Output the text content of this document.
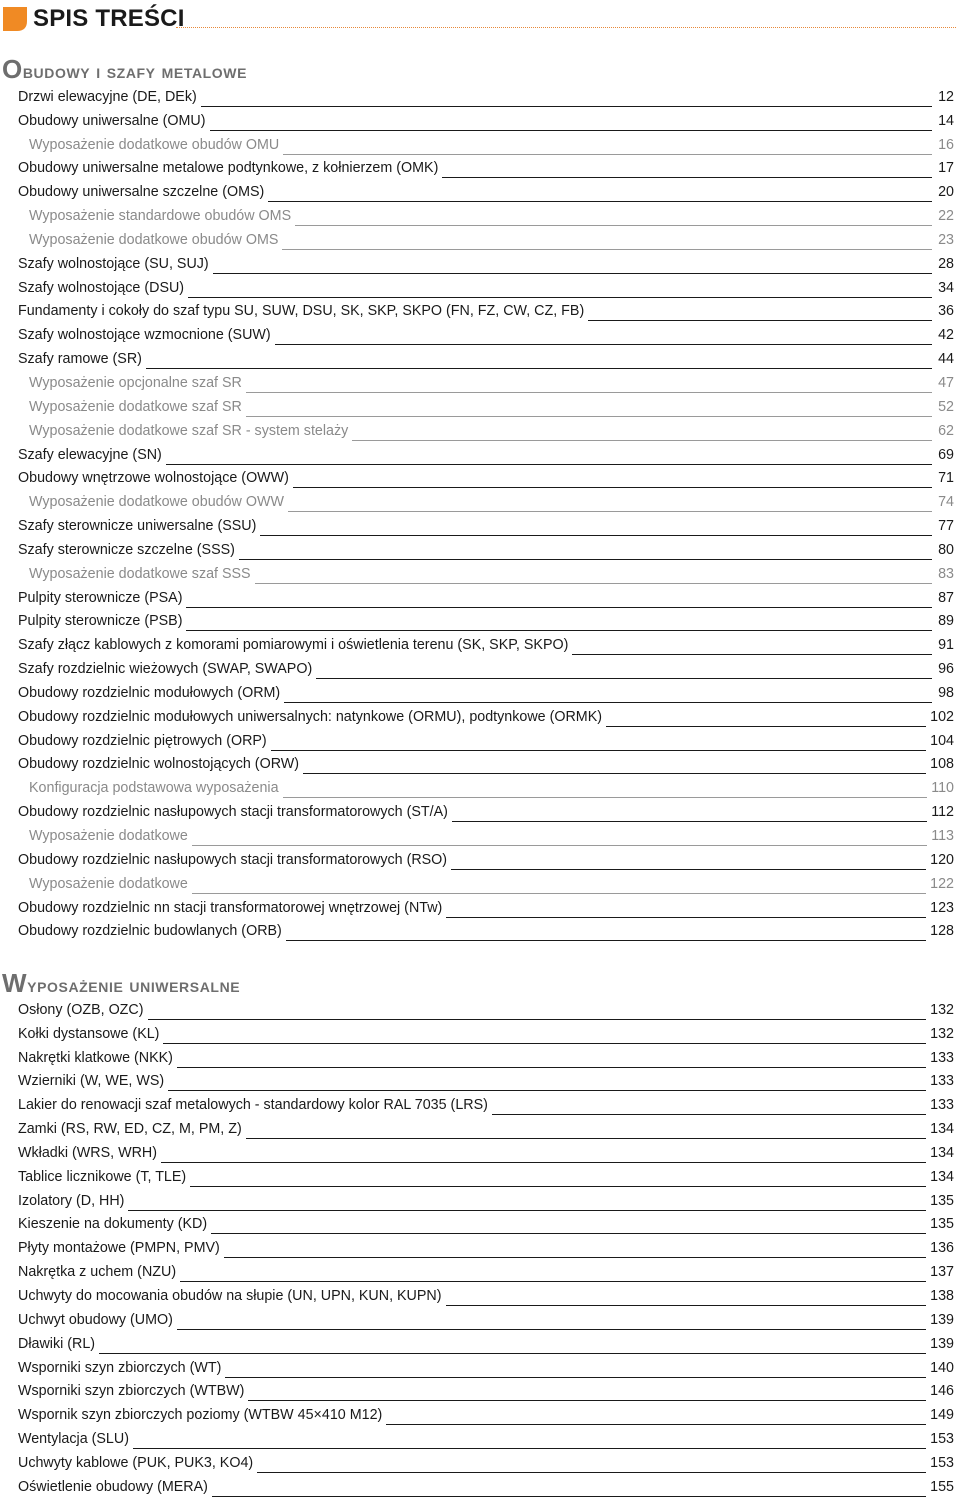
SPIS TREŚCI
Obudowy i szafy metalowe
Drzwi elewacyjne (DE, DEk)	12
Obudowy uniwersalne (OMU)	14
Wyposażenie dodatkowe obudów OMU	16
Obudowy uniwersalne metalowe podtynkowe, z kołnierzem (OMK)	17
Obudowy uniwersalne szczelne (OMS)	20
Wyposażenie standardowe obudów OMS	22
Wyposażenie dodatkowe obudów OMS	23
Szafy wolnostojące (SU, SUJ)	28
Szafy wolnostojące (DSU)	34
Fundamenty i cokoły do szaf typu SU, SUW, DSU, SK, SKP, SKPO (FN, FZ, CW, CZ, FB)	36
Szafy wolnostojące wzmocnione (SUW)	42
Szafy ramowe (SR)	44
Wyposażenie opcjonalne szaf SR	47
Wyposażenie dodatkowe szaf SR	52
Wyposażenie dodatkowe szaf SR - system stelaży	62
Szafy elewacyjne (SN)	69
Obudowy wnętrzowe wolnostojące (OWW)	71
Wyposażenie dodatkowe obudów OWW	74
Szafy sterownicze uniwersalne (SSU)	77
Szafy sterownicze szczelne (SSS)	80
Wyposażenie dodatkowe szaf SSS	83
Pulpity sterownicze (PSA)	87
Pulpity sterownicze (PSB)	89
Szafy złącz kablowych z komorami pomiarowymi i oświetlenia terenu (SK, SKP, SKPO)	91
Szafy rozdzielnic wieżowych (SWAP, SWAPO)	96
Obudowy rozdzielnic modułowych (ORM)	98
Obudowy rozdzielnic modułowych uniwersalnych: natynkowe (ORMU), podtynkowe (ORMK)	102
Obudowy rozdzielnic piętrowych (ORP)	104
Obudowy rozdzielnic wolnostojących (ORW)	108
Konfiguracja podstawowa wyposażenia	110
Obudowy rozdzielnic nasłupowych stacji transformatorowych (ST/A)	112
Wyposażenie dodatkowe	113
Obudowy rozdzielnic nasłupowych stacji transformatorowych (RSO)	120
Wyposażenie dodatkowe	122
Obudowy rozdzielnic nn stacji transformatorowej wnętrzowej (NTw)	123
Obudowy rozdzielnic budowlanych (ORB)	128
Wyposażenie uniwersalne
Osłony (OZB, OZC)	132
Kołki dystansowe (KL)	132
Nakrętki klatkowe (NKK)	133
Wzierniki (W, WE, WS)	133
Lakier do renowacji szaf metalowych - standardowy kolor RAL 7035 (LRS)	133
Zamki (RS, RW, ED, CZ, M, PM, Z)	134
Wkładki (WRS, WRH)	134
Tablice licznikowe (T, TLE)	134
Izolatory (D, HH)	135
Kieszenie na dokumenty (KD)	135
Płyty montażowe (PMPN, PMV)	136
Nakrętka z uchem (NZU)	137
Uchwyty do mocowania obudów na słupie (UN, UPN, KUN, KUPN)	138
Uchwyt obudowy (UMO)	139
Dławiki (RL)	139
Wsporniki szyn zbiorczych (WT)	140
Wsporniki szyn zbiorczych (WTBW)	146
Wspornik szyn zbiorczych poziomy (WTBW 45×410 M12)	149
Wentylacja (SLU)	153
Uchwyty kablowe (PUK, PUK3, KO4)	153
Oświetlenie obudowy (MERA)	155
